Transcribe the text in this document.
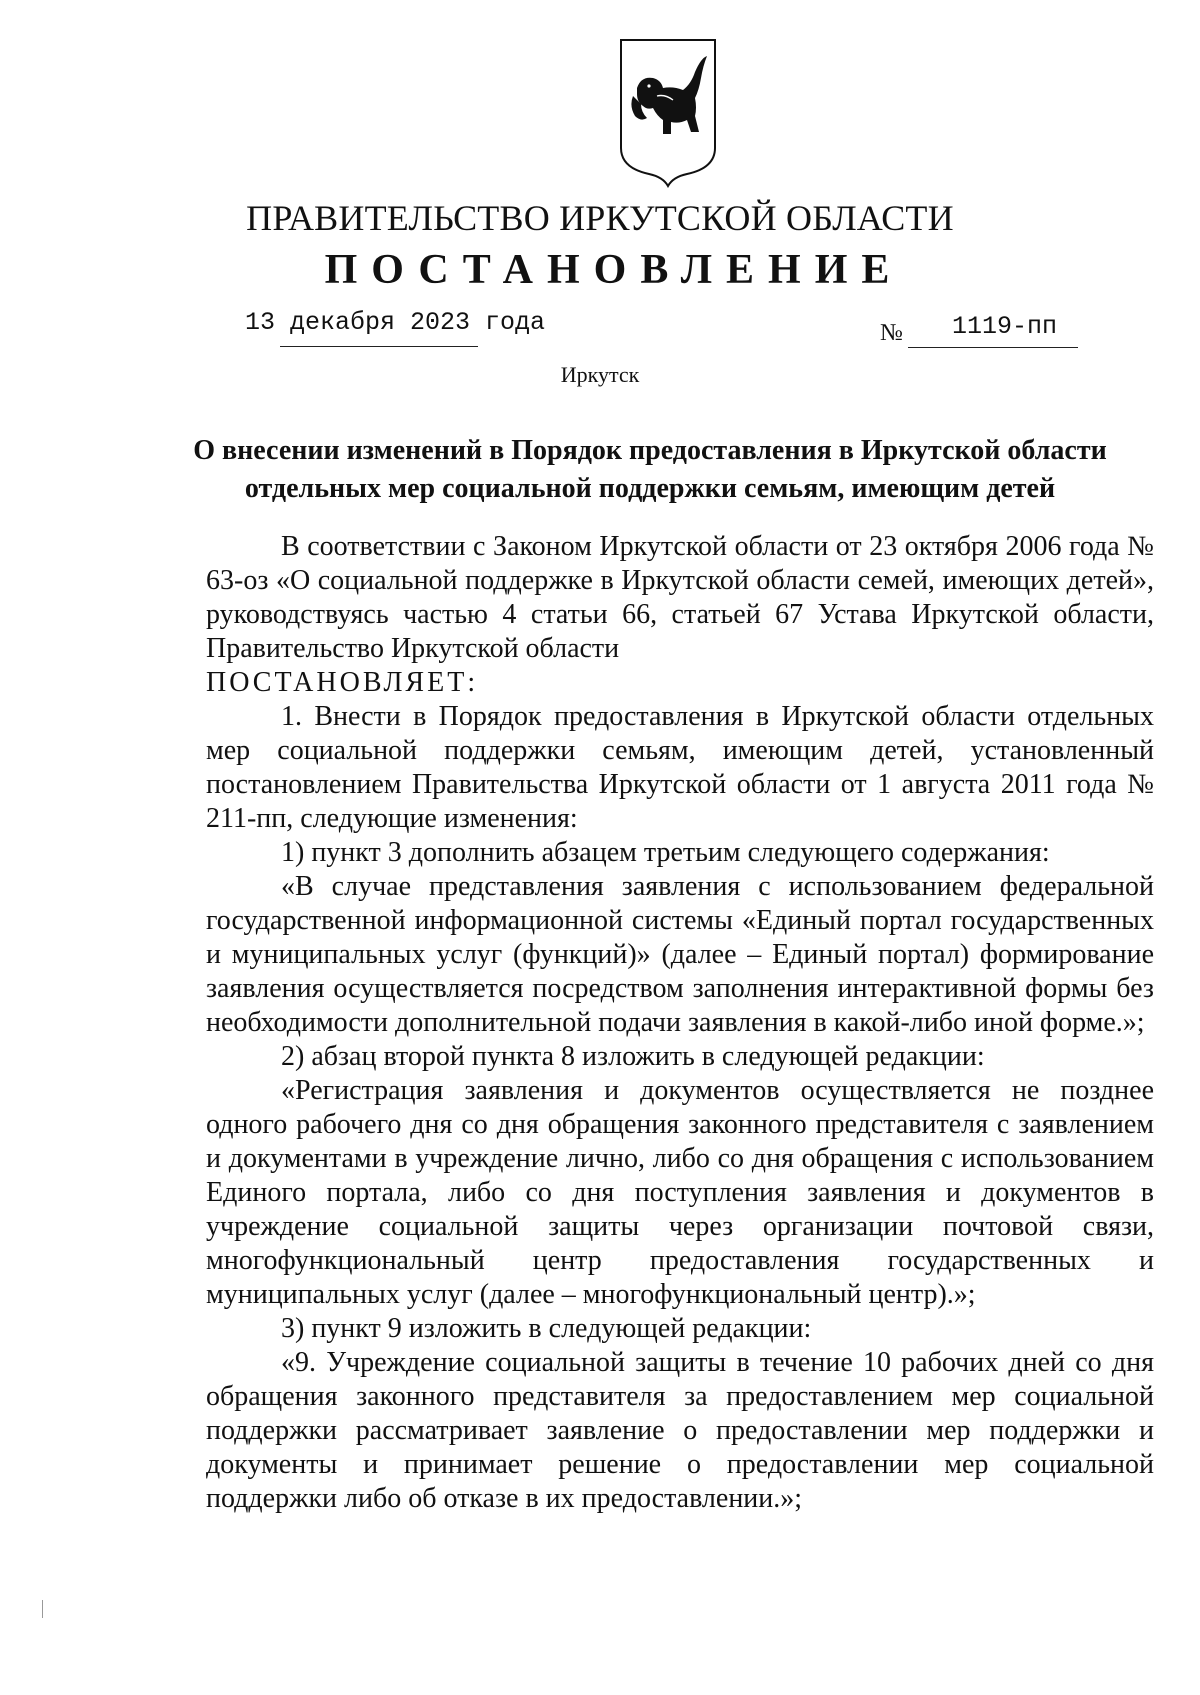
ПРАВИТЕЛЬСТВО ИРКУТСКОЙ ОБЛАСТИ
ПОСТАНОВЛЕНИЕ
13 декабря 2023 года	№ 1119-пп
Иркутск
О внесении изменений в Порядок предоставления в Иркутской области
отдельных мер социальной поддержки семьям, имеющим детей

В соответствии с Законом Иркутской области от 23 октября 2006 года № 63-оз «О социальной поддержке в Иркутской области семей, имеющих детей», руководствуясь частью 4 статьи 66, статьей 67 Устава Иркутской области, Правительство Иркутской области

ПОСТАНОВЛЯЕТ:

1. Внести в Порядок предоставления в Иркутской области отдельных мер социальной поддержки семьям, имеющим детей, установленный постановлением Правительства Иркутской области от 1 августа 2011 года № 211-пп, следующие изменения:

1) пункт 3 дополнить абзацем третьим следующего содержания:

«В случае представления заявления с использованием федеральной государственной информационной системы «Единый портал государственных и муниципальных услуг (функций)» (далее – Единый портал) формирование заявления осуществляется посредством заполнения интерактивной формы без необходимости дополнительной подачи заявления в какой-либо иной форме.»;

2) абзац второй пункта 8 изложить в следующей редакции:

«Регистрация заявления и документов осуществляется не позднее одного рабочего дня со дня обращения законного представителя с заявлением и документами в учреждение лично, либо со дня обращения с использованием Единого портала, либо со дня поступления заявления и документов в учреждение социальной защиты через организации почтовой связи, многофункциональный центр предоставления государственных и муниципальных услуг (далее – многофункциональный центр).»;

3) пункт 9 изложить в следующей редакции:

«9. Учреждение социальной защиты в течение 10 рабочих дней со дня обращения законного представителя за предоставлением мер социальной поддержки рассматривает заявление о предоставлении мер поддержки и документы и принимает решение о предоставлении мер социальной поддержки либо об отказе в их предоставлении.»;
